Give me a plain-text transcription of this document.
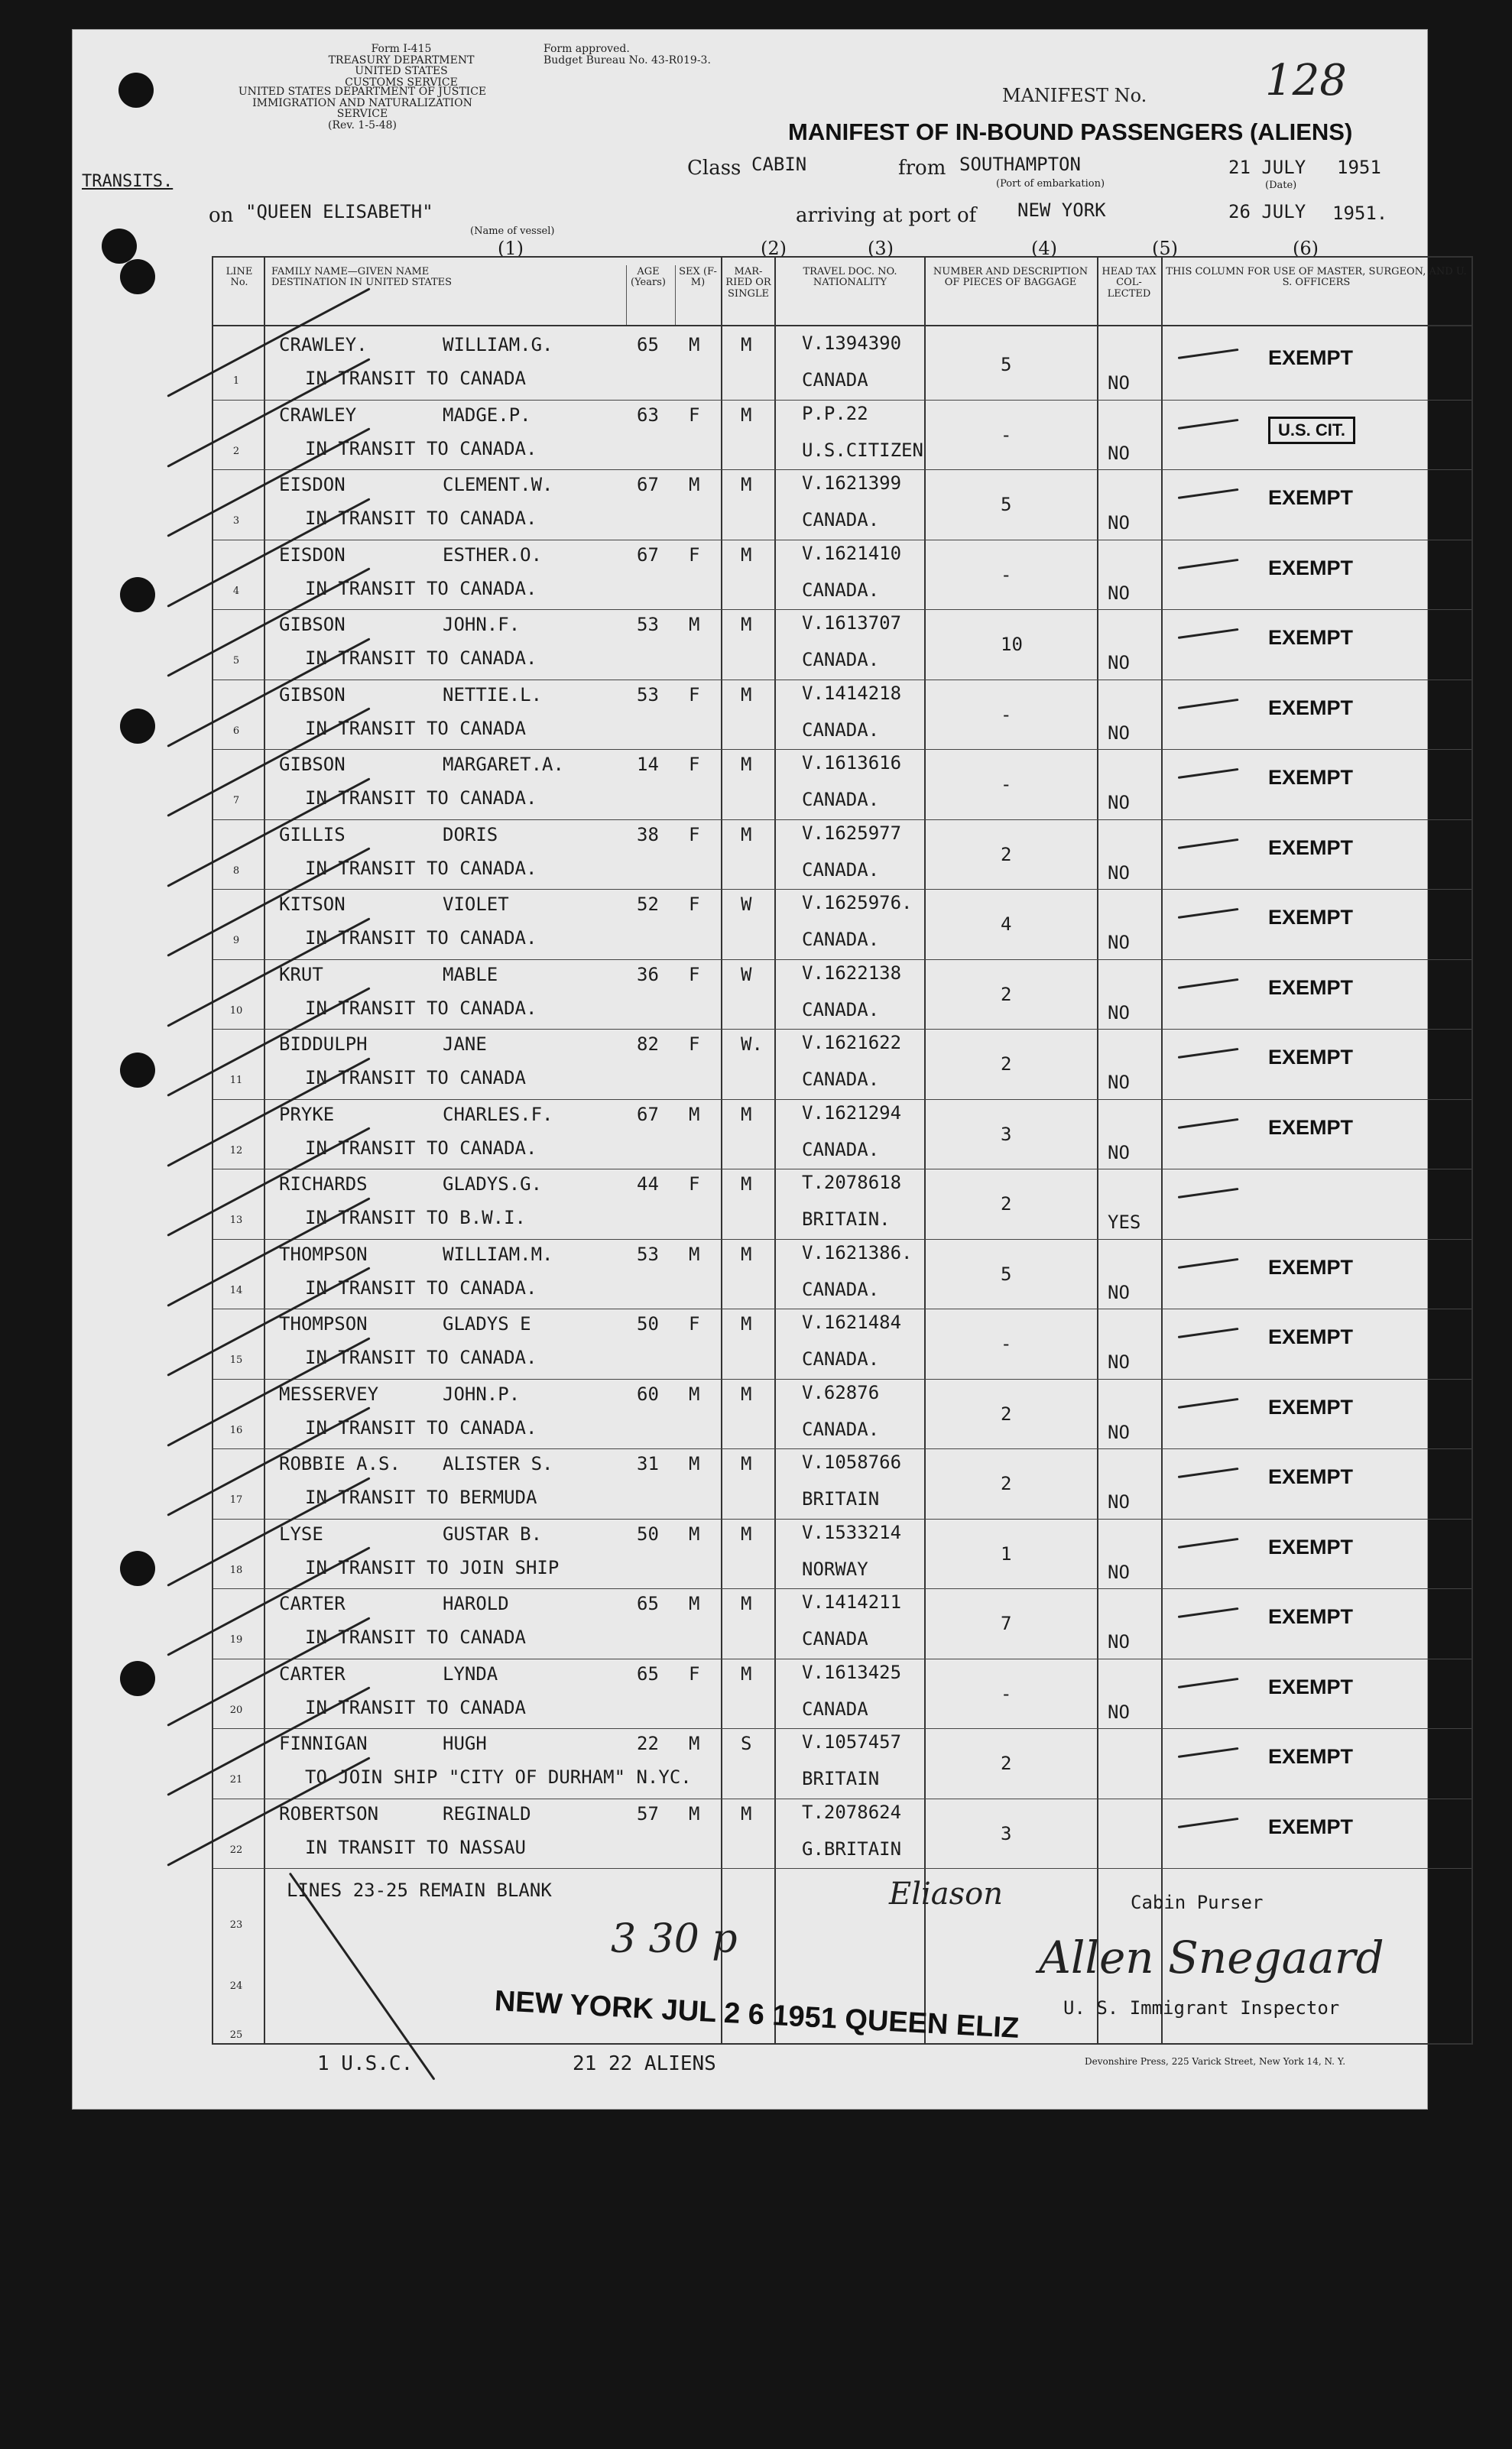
Form I-415
TREASURY DEPARTMENT
UNITED STATES CUSTOMS SERVICE
UNITED STATES DEPARTMENT OF JUSTICE
IMMIGRATION AND NATURALIZATION SERVICE
(Rev. 1-5-48)
Form approved.
Budget Bureau No. 43-R019-3.
MANIFEST No.	128
MANIFEST OF IN-BOUND PASSENGERS (ALIENS)
TRANSITS.
Class CABIN	from SOUTHAMPTON
(Port of embarkation)
21 JULY 1951
(Date)
on "QUEEN ELISABETH"
(Name of vessel)
arriving at port of NEW YORK	26 JULY 1951.
(1)	(2)	(3)	(4)	(5)	(6)
LINE No.
FAMILY NAME—GIVEN NAME DESTINATION IN UNITED STATES
AGE (Years)
SEX (F-M)
MAR-RIED OR SINGLE
TRAVEL DOC. NO. NATIONALITY
NUMBER AND DESCRIPTION OF PIECES OF BAGGAGE
HEAD TAX COL-LECTED
THIS COLUMN FOR USE OF MASTER, SURGEON, AND U. S. OFFICERS
1
CRAWLEY.	WILLIAM.G.
IN TRANSIT TO CANADA
65 M M	V.1394390
CANADA
5
NO
EXEMPT
2
CRAWLEY	MADGE.P.
IN TRANSIT TO CANADA.
63 F M	P.P.22
U.S.CITIZEN
-
NO
U.S. CIT.
3
EISDON	CLEMENT.W.
IN TRANSIT TO CANADA.
67 M M	V.1621399
CANADA.
5
NO
EXEMPT
4
EISDON	ESTHER.O.
IN TRANSIT TO CANADA.
67 F M	V.1621410
CANADA.
-
NO
EXEMPT
5
GIBSON	JOHN.F.
IN TRANSIT TO CANADA.
53 M M	V.1613707
CANADA.
10
NO
EXEMPT
6
GIBSON	NETTIE.L.
IN TRANSIT TO CANADA
53 F M	V.1414218
CANADA.
-
NO
EXEMPT
7
GIBSON	MARGARET.A.
IN TRANSIT TO CANADA.
14 F M	V.1613616
CANADA.
-
NO
EXEMPT
8
GILLIS	DORIS
IN TRANSIT TO CANADA.
38 F M	V.1625977
CANADA.
2
NO
EXEMPT
9
KITSON	VIOLET
IN TRANSIT TO CANADA.
52 F W	V.1625976.
CANADA.
4
NO
EXEMPT
10
KRUT	MABLE
IN TRANSIT TO CANADA.
36 F W	V.1622138
CANADA.
2
NO
EXEMPT
11
BIDDULPH	JANE
IN TRANSIT TO CANADA
82 F W. V.1621622
CANADA.
2
NO
EXEMPT
12
PRYKE	CHARLES.F.
IN TRANSIT TO CANADA.
67 M M	V.1621294
CANADA.
3
NO
EXEMPT
13
RICHARDS	GLADYS.G.
IN TRANSIT TO B.W.I.
44 F M	T.2078618
BRITAIN.
2
YES
14
THOMPSON	WILLIAM.M.
IN TRANSIT TO CANADA.
53 M M	V.1621386.
CANADA.
5
NO
EXEMPT
15
THOMPSON	GLADYS E
IN TRANSIT TO CANADA.
50 F M	V.1621484
CANADA.
-
NO
EXEMPT
16
MESSERVEY	JOHN.P.
IN TRANSIT TO CANADA.
60 M M	V.62876
CANADA.
2
NO
EXEMPT
17
ROBBIE A.S. ALISTER S.
IN TRANSIT TO BERMUDA
31 M M	V.1058766
BRITAIN
2
NO
EXEMPT
18
LYSE	GUSTAR B.
IN TRANSIT TO JOIN SHIP
50 M M	V.1533214
NORWAY
1
NO
EXEMPT
19
CARTER	HAROLD
IN TRANSIT TO CANADA
65 M M	V.1414211
CANADA
7
NO
EXEMPT
20
CARTER	LYNDA
IN TRANSIT TO CANADA
65 F M	V.1613425
CANADA
-
NO
EXEMPT
21
FINNIGAN	HUGH
TO JOIN SHIP "CITY OF DURHAM" N.YC.
22 M S	V.1057457
BRITAIN
2	EXEMPT
22
ROBERTSON	REGINALD
IN TRANSIT TO NASSAU
57 M M	T.2078624
G.BRITAIN
3	EXEMPT
23
24
25
LINES 23-25 REMAIN BLANK	Eliason	Cabin Purser
Allen Snegaard
U. S. Immigrant Inspector
3 30 p
NEW YORK JUL 2 6 1951 QUEEN ELIZ
1 U.S.C.	21 22 ALIENS	Devonshire Press, 225 Varick Street, New York 14, N. Y.
